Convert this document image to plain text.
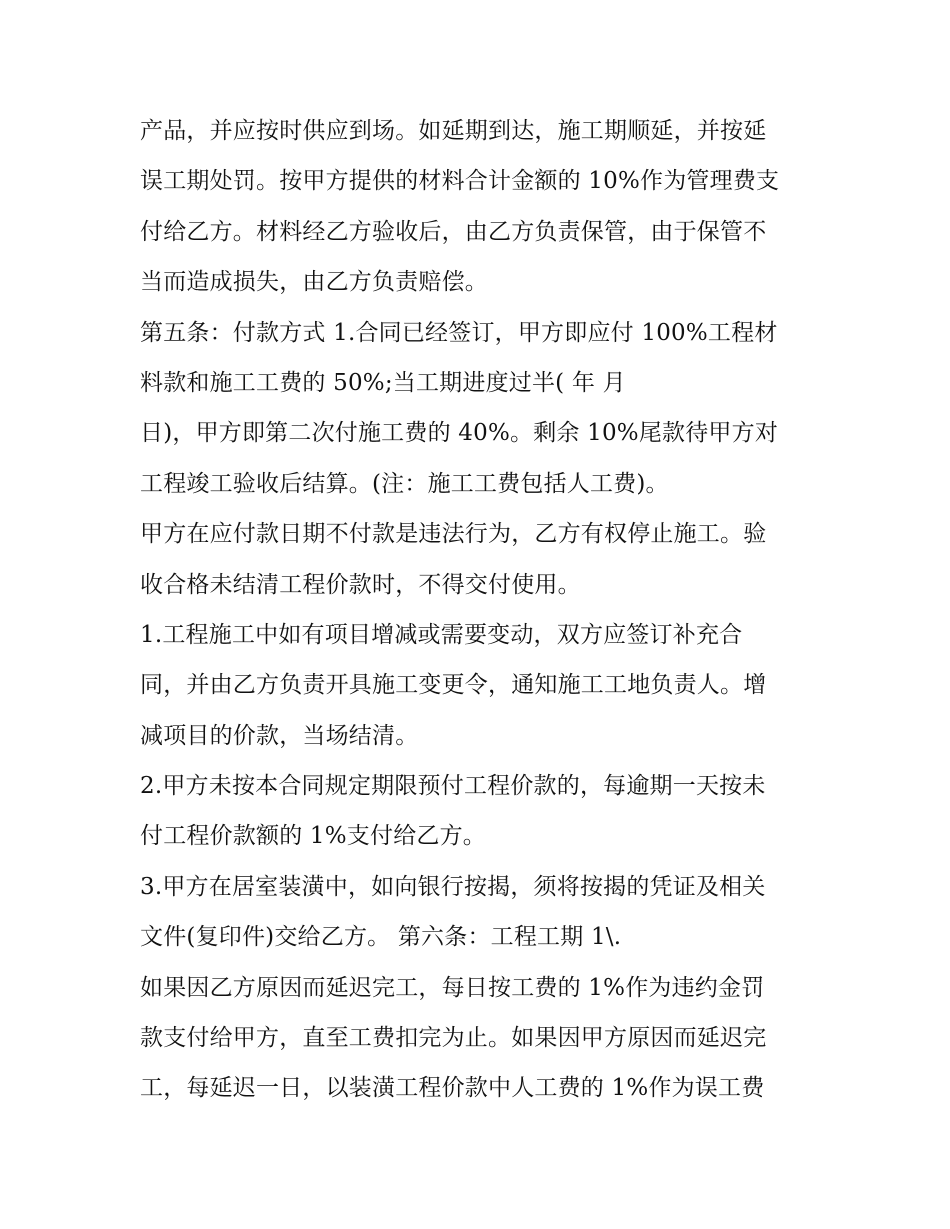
产品，并应按时供应到场。如延期到达，施工期顺延，并按延
误工期处罚。按甲方提供的材料合计金额的 10%作为管理费支
付给乙方。材料经乙方验收后，由乙方负责保管，由于保管不
当而造成损失，由乙方负责赔偿。
第五条：付款方式 1.合同已经签订，甲方即应付 100%工程材
料款和施工工费的 50%;当工期进度过半( 年 月
日)，甲方即第二次付施工费的 40%。剩余 10%尾款待甲方对
工程竣工验收后结算。(注：施工工费包括人工费)。
甲方在应付款日期不付款是违法行为，乙方有权停止施工。验
收合格未结清工程价款时，不得交付使用。
1.工程施工中如有项目增减或需要变动，双方应签订补充合
同，并由乙方负责开具施工变更令，通知施工工地负责人。增
减项目的价款，当场结清。
2.甲方未按本合同规定期限预付工程价款的，每逾期一天按未
付工程价款额的 1%支付给乙方。
3.甲方在居室装潢中，如向银行按揭，须将按揭的凭证及相关
文件(复印件)交给乙方。 第六条：工程工期 1\.
如果因乙方原因而延迟完工，每日按工费的 1%作为违约金罚
款支付给甲方，直至工费扣完为止。如果因甲方原因而延迟完
工，每延迟一日，以装潢工程价款中人工费的 1%作为误工费
